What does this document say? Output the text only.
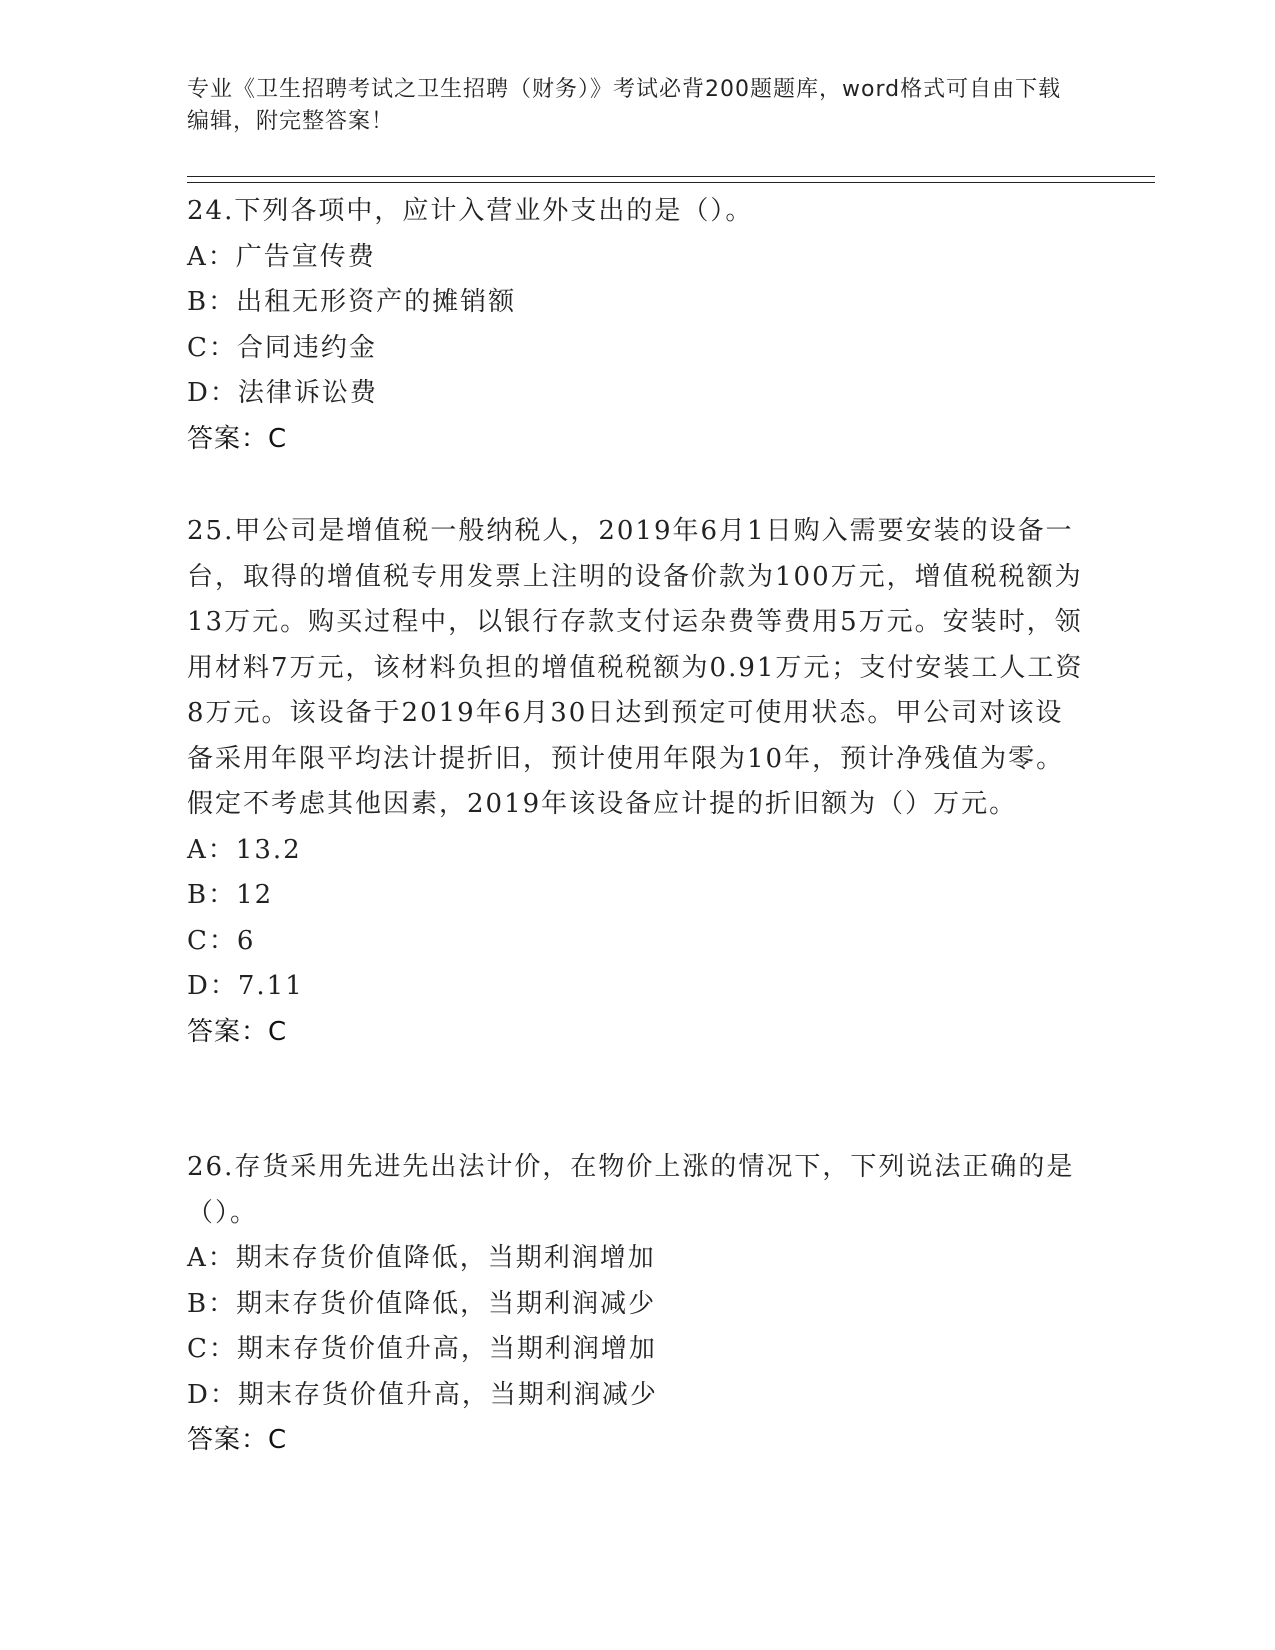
专业《卫生招聘考试之卫生招聘（财务）》考试必背200题题库，word格式可自由下载编辑，附完整答案！
24.下列各项中，应计入营业外支出的是（）。
A：广告宣传费
B：出租无形资产的摊销额
C：合同违约金
D：法律诉讼费
答案：C
25.甲公司是增值税一般纳税人，2019年6月1日购入需要安装的设备一台，取得的增值税专用发票上注明的设备价款为100万元，增值税税额为13万元。购买过程中，以银行存款支付运杂费等费用5万元。安装时，领用材料7万元，该材料负担的增值税税额为0.91万元；支付安装工人工资8万元。该设备于2019年6月30日达到预定可使用状态。甲公司对该设备采用年限平均法计提折旧，预计使用年限为10年，预计净残值为零。假定不考虑其他因素，2019年该设备应计提的折旧额为（）万元。
A：13.2
B：12
C：6
D：7.11
答案：C
26.存货采用先进先出法计价，在物价上涨的情况下，下列说法正确的是（）。
A：期末存货价值降低，当期利润增加
B：期末存货价值降低，当期利润减少
C：期末存货价值升高，当期利润增加
D：期末存货价值升高，当期利润减少
答案：C
